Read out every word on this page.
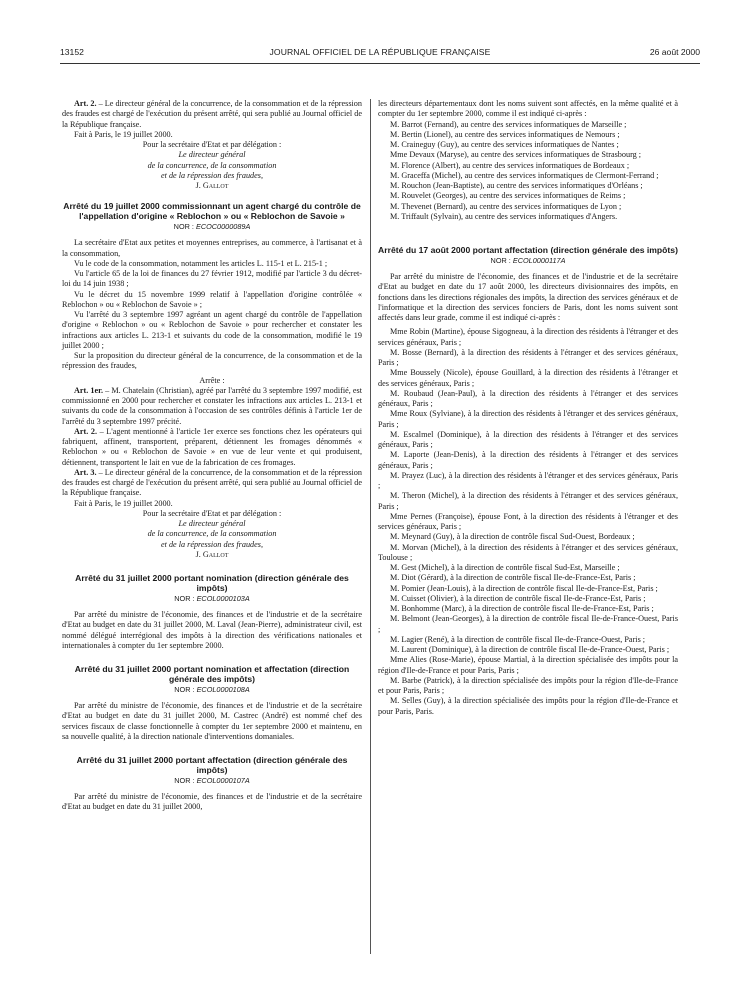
13152	JOURNAL OFFICIEL DE LA RÉPUBLIQUE FRANÇAISE	26 août 2000

Art. 2. – Le directeur général de la concurrence, de la consommation et de la répression des fraudes est chargé de l'exécution du présent arrêté, qui sera publié au Journal officiel de la République française.

Fait à Paris, le 19 juillet 2000.

Pour la secrétaire d'Etat et par délégation :
Le directeur général
de la concurrence, de la consommation
et de la répression des fraudes,
J. Gallot

Arrêté du 19 juillet 2000 commissionnant un agent chargé du contrôle de l'appellation d'origine « Reblochon » ou « Reblochon de Savoie »

NOR : ECOC0000089A

La secrétaire d'Etat aux petites et moyennes entreprises, au commerce, à l'artisanat et à la consommation,

Vu le code de la consommation, notamment les articles L. 115-1 et L. 215-1 ;

Vu l'article 65 de la loi de finances du 27 février 1912, modifié par l'article 3 du décret-loi du 14 juin 1938 ;

Vu le décret du 15 novembre 1999 relatif à l'appellation d'origine contrôlée « Reblochon » ou « Reblochon de Savoie » ;

Vu l'arrêté du 3 septembre 1997 agréant un agent chargé du contrôle de l'appellation d'origine « Reblochon » ou « Reblochon de Savoie » pour rechercher et constater les infractions aux articles L. 213-1 et suivants du code de la consommation, modifié le 19 juillet 2000 ;

Sur la proposition du directeur général de la concurrence, de la consommation et de la répression des fraudes,

Arrête :

Art. 1er. – M. Chatelain (Christian), agréé par l'arrêté du 3 septembre 1997 modifié, est commissionné en 2000 pour rechercher et constater les infractions aux articles L. 213-1 et suivants du code de la consommation à l'occasion de ses contrôles définis à l'article 1er de l'arrêté du 3 septembre 1997 précité.

Art. 2. – L'agent mentionné à l'article 1er exerce ses fonctions chez les opérateurs qui fabriquent, affinent, transportent, préparent, détiennent les fromages dénommés « Reblochon » ou « Reblochon de Savoie » en vue de leur vente et qui produisent, détiennent, transportent le lait en vue de la fabrication de ces fromages.

Art. 3. – Le directeur général de la concurrence, de la consommation et de la répression des fraudes est chargé de l'exécution du présent arrêté, qui sera publié au Journal officiel de la République française.

Fait à Paris, le 19 juillet 2000.

Pour la secrétaire d'Etat et par délégation :
Le directeur général
de la concurrence, de la consommation
et de la répression des fraudes,
J. Gallot

Arrêté du 31 juillet 2000 portant nomination (direction générale des impôts)

NOR : ECOL0000103A

Par arrêté du ministre de l'économie, des finances et de l'industrie et de la secrétaire d'Etat au budget en date du 31 juillet 2000, M. Laval (Jean-Pierre), administrateur civil, est nommé délégué interrégional des impôts à la direction des vérifications nationales et internationales à compter du 1er septembre 2000.

Arrêté du 31 juillet 2000 portant nomination et affectation (direction générale des impôts)

NOR : ECOL0000108A

Par arrêté du ministre de l'économie, des finances et de l'industrie et de la secrétaire d'Etat au budget en date du 31 juillet 2000, M. Castrec (André) est nommé chef des services fiscaux de classe fonctionnelle à compter du 1er septembre 2000 et maintenu, en sa nouvelle qualité, à la direction nationale d'interventions domaniales.

Arrêté du 31 juillet 2000 portant affectation (direction générale des impôts)

NOR : ECOL0000107A

Par arrêté du ministre de l'économie, des finances et de l'industrie et de la secrétaire d'Etat au budget en date du 31 juillet 2000,

les directeurs départementaux dont les noms suivent sont affectés, en la même qualité et à compter du 1er septembre 2000, comme il est indiqué ci-après :

M. Barrot (Fernand), au centre des services informatiques de Marseille ;

M. Bertin (Lionel), au centre des services informatiques de Nemours ;

M. Craineguy (Guy), au centre des services informatiques de Nantes ;

Mme Devaux (Maryse), au centre des services informatiques de Strasbourg ;

M. Florence (Albert), au centre des services informatiques de Bordeaux ;

M. Graceffa (Michel), au centre des services informatiques de Clermont-Ferrand ;

M. Rouchon (Jean-Baptiste), au centre des services informatiques d'Orléans ;

M. Rouvelet (Georges), au centre des services informatiques de Reims ;

M. Thevenet (Bernard), au centre des services informatiques de Lyon ;

M. Triffault (Sylvain), au centre des services informatiques d'Angers.

Arrêté du 17 août 2000 portant affectation (direction générale des impôts)

NOR : ECOL0000117A

Par arrêté du ministre de l'économie, des finances et de l'industrie et de la secrétaire d'Etat au budget en date du 17 août 2000, les directeurs divisionnaires des impôts, en fonctions dans les directions régionales des impôts, la direction des services généraux et de l'informatique et la direction des services fonciers de Paris, dont les noms suivent sont affectés dans leur grade, comme il est indiqué ci-après :

Mme Robin (Martine), épouse Sigogneau, à la direction des résidents à l'étranger et des services généraux, Paris ;

M. Bosse (Bernard), à la direction des résidents à l'étranger et des services généraux, Paris ;

Mme Boussely (Nicole), épouse Gouillard, à la direction des résidents à l'étranger et des services généraux, Paris ;

M. Roubaud (Jean-Paul), à la direction des résidents à l'étranger et des services généraux, Paris ;

Mme Roux (Sylviane), à la direction des résidents à l'étranger et des services généraux, Paris ;

M. Escalmel (Dominique), à la direction des résidents à l'étranger et des services généraux, Paris ;

M. Laporte (Jean-Denis), à la direction des résidents à l'étranger et des services généraux, Paris ;

M. Prayez (Luc), à la direction des résidents à l'étranger et des services généraux, Paris ;

M. Theron (Michel), à la direction des résidents à l'étranger et des services généraux, Paris ;

Mme Pernes (Françoise), épouse Font, à la direction des résidents à l'étranger et des services généraux, Paris ;

M. Meynard (Guy), à la direction de contrôle fiscal Sud-Ouest, Bordeaux ;

M. Morvan (Michel), à la direction des résidents à l'étranger et des services généraux, Toulouse ;

M. Gest (Michel), à la direction de contrôle fiscal Sud-Est, Marseille ;

M. Diot (Gérard), à la direction de contrôle fiscal Ile-de-France-Est, Paris ;

M. Pomier (Jean-Louis), à la direction de contrôle fiscal Ile-de-France-Est, Paris ;

M. Cuisset (Olivier), à la direction de contrôle fiscal Ile-de-France-Est, Paris ;

M. Bonhomme (Marc), à la direction de contrôle fiscal Ile-de-France-Est, Paris ;

M. Belmont (Jean-Georges), à la direction de contrôle fiscal Ile-de-France-Ouest, Paris ;

M. Lagier (René), à la direction de contrôle fiscal Ile-de-France-Ouest, Paris ;

M. Laurent (Dominique), à la direction de contrôle fiscal Ile-de-France-Ouest, Paris ;

Mme Alies (Rose-Marie), épouse Martial, à la direction spécialisée des impôts pour la région d'Ile-de-France et pour Paris, Paris ;

M. Barbe (Patrick), à la direction spécialisée des impôts pour la région d'Ile-de-France et pour Paris, Paris ;

M. Selles (Guy), à la direction spécialisée des impôts pour la région d'Ile-de-France et pour Paris, Paris.
